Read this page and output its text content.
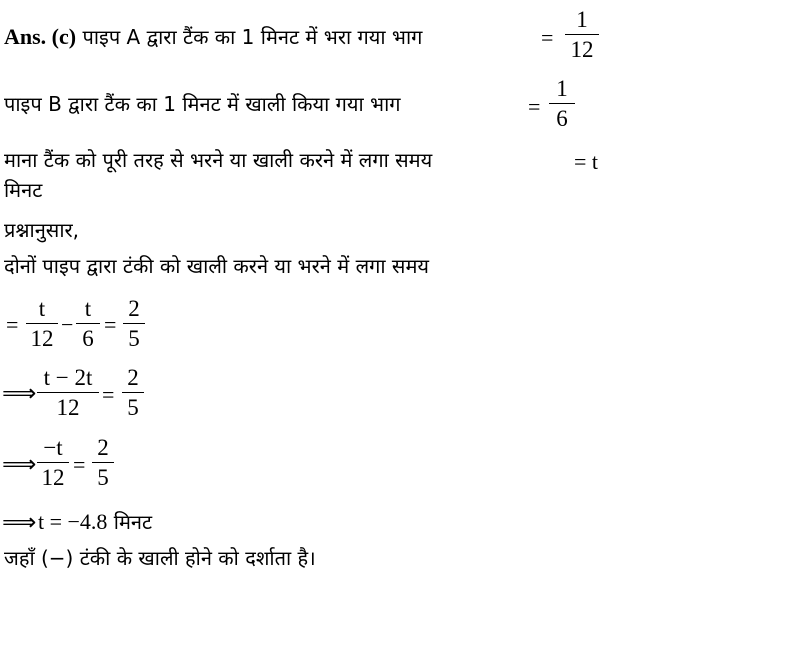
Ans. (c) पाइप A द्वारा टैंक का 1 मिनट में भरा गया भाग	=
1
12
पाइप B द्वारा टैंक का 1 मिनट में खाली किया गया भाग	=
1
6
माना टैंक को पूरी तरह से भरने या खाली करने में लगा समय	= t
मिनट
प्रश्नानुसार,
दोनों पाइप द्वारा टंकी को खाली करने या भरने में लगा समय
=
t
12
−
t
6
=
2
5
⟹
t − 2t
12
=
2
5
⟹
−t
12
=
2
5
⟹ t = −4.8 मिनट
जहाँ (−) टंकी के खाली होने को दर्शाता है।
